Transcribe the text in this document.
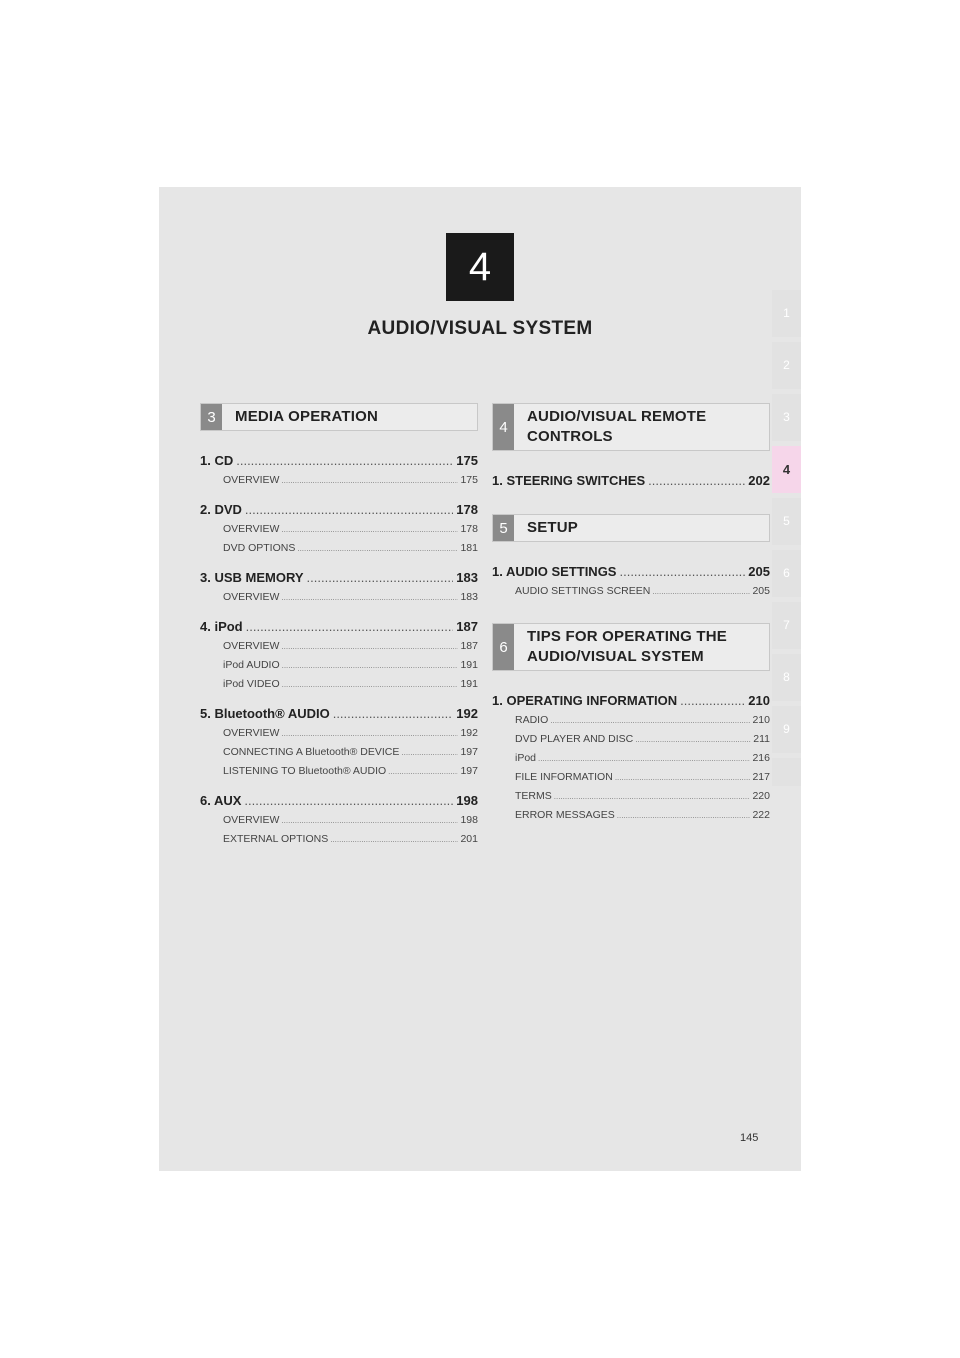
4
AUDIO/VISUAL SYSTEM
1
2
3
4
5
6
7
8
9
3	MEDIA OPERATION
1. CD .....	175
OVERVIEW .....	175
2. DVD .....	178
OVERVIEW .....	178
DVD OPTIONS .....	181
3. USB MEMORY .....	183
OVERVIEW .....	183
4. iPod .....	187
OVERVIEW .....	187
iPod AUDIO .....	191
iPod VIDEO .....	191
5. Bluetooth® AUDIO .....	192
OVERVIEW .....	192
CONNECTING A Bluetooth® DEVICE .....	197
LISTENING TO Bluetooth® AUDIO .....	197
6. AUX .....	198
OVERVIEW .....	198
EXTERNAL OPTIONS .....	201
4
AUDIO/VISUAL REMOTE CONTROLS
1. STEERING SWITCHES .....	202
5	SETUP
1. AUDIO SETTINGS .....	205
AUDIO SETTINGS SCREEN .....	205
6
TIPS FOR OPERATING THE AUDIO/VISUAL SYSTEM
1. OPERATING INFORMATION .....	210
RADIO .....	210
DVD PLAYER AND DISC .....	211
iPod .....	216
FILE INFORMATION .....	217
TERMS .....	220
ERROR MESSAGES .....	222
145
